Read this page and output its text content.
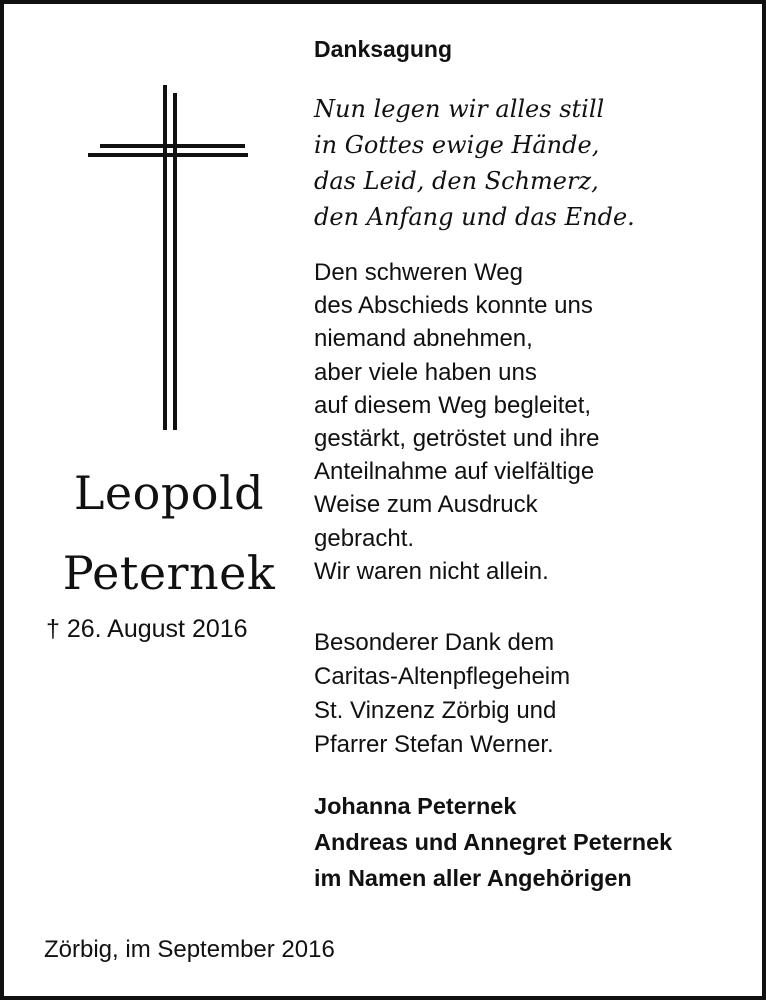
Leopold
Peternek
† 26. August 2016
Danksagung
Nun legen wir alles still
in Gottes ewige Hände,
das Leid, den Schmerz,
den Anfang und das Ende.
Den schweren Weg
des Abschieds konnte uns
niemand abnehmen,
aber viele haben uns
auf diesem Weg begleitet,
gestärkt, getröstet und ihre
Anteilnahme auf vielfältige
Weise zum Ausdruck
gebracht.
Wir waren nicht allein.
Besonderer Dank dem
Caritas-Altenpflegeheim
St. Vinzenz Zörbig und
Pfarrer Stefan Werner.
Johanna Peternek
Andreas und Annegret Peternek
im Namen aller Angehörigen
Zörbig, im September 2016
